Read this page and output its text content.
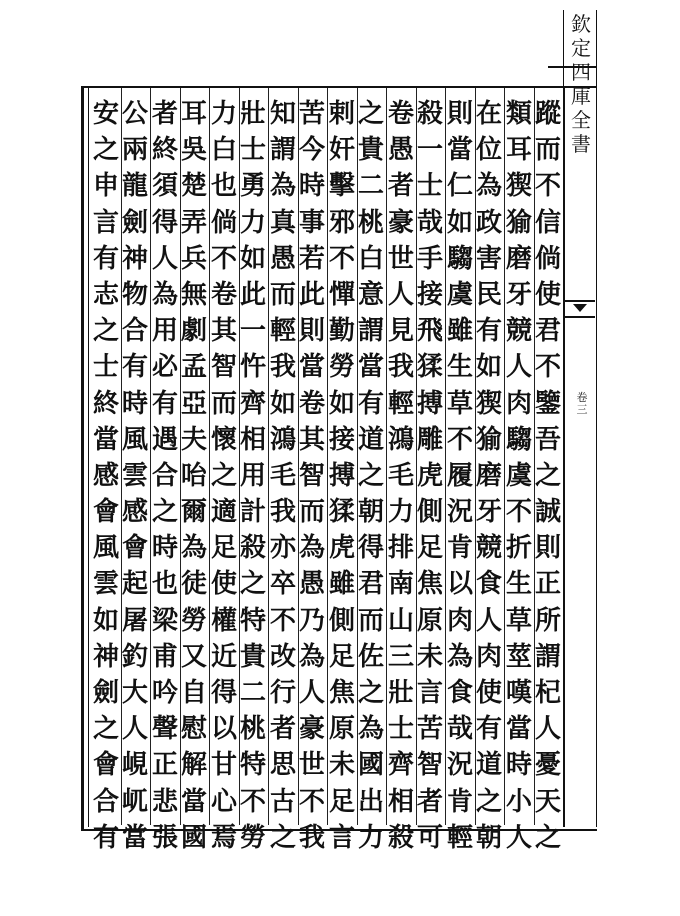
欽
定
四
庫
全
書
卷
三
蹤
而
不
信
倘
使
君
不
鑒
吾
之
誠
則
正
所
謂
杞
人
憂
天
之
類
耳
猰
㺄
磨
牙
競
人
肉
騶
虞
不
折
生
草
莖
嘆
當
時
小
人
在
位
為
政
害
民
有
如
猰
㺄
磨
牙
競
食
人
肉
使
有
道
之
朝
則
當
仁
如
騶
虞
雖
生
草
不
履
況
肯
以
肉
為
食
哉
況
肯
輕
殺
一
士
哉
手
接
飛
猱
搏
雕
虎
側
足
焦
原
未
言
苦
智
者
可
卷
愚
者
豪
世
人
見
我
輕
鴻
毛
力
排
南
山
三
壯
士
齊
相
殺
之
貴
二
桃
白
意
謂
當
有
道
之
朝
得
君
而
佐
之
為
國
出
力
剌
奸
擊
邪
不
憚
勤
勞
如
接
搏
猱
虎
雖
側
足
焦
原
未
足
言
苦
今
時
事
若
此
則
當
卷
其
智
而
為
愚
乃
為
人
豪
世
不
我
知
謂
為
真
愚
而
輕
我
如
鴻
毛
我
亦
卒
不
改
行
者
思
古
之
壯
士
勇
力
如
此
一
忤
齊
相
用
計
殺
之
特
貴
二
桃
特
不
勞
力
白
也
倘
不
卷
其
智
而
懷
之
適
足
使
權
近
得
以
甘
心
焉
耳
吳
楚
弄
兵
無
劇
孟
亞
夫
咍
爾
為
徒
勞
又
自
慰
解
當
國
者
終
須
得
人
為
用
必
有
遇
合
之
時
也
梁
甫
吟
聲
正
悲
張
公
兩
龍
劍
神
物
合
有
時
風
雲
感
會
起
屠
釣
大
人
峴
屼
當
安
之
申
言
有
志
之
士
終
當
感
會
風
雲
如
神
劍
之
會
合
有
